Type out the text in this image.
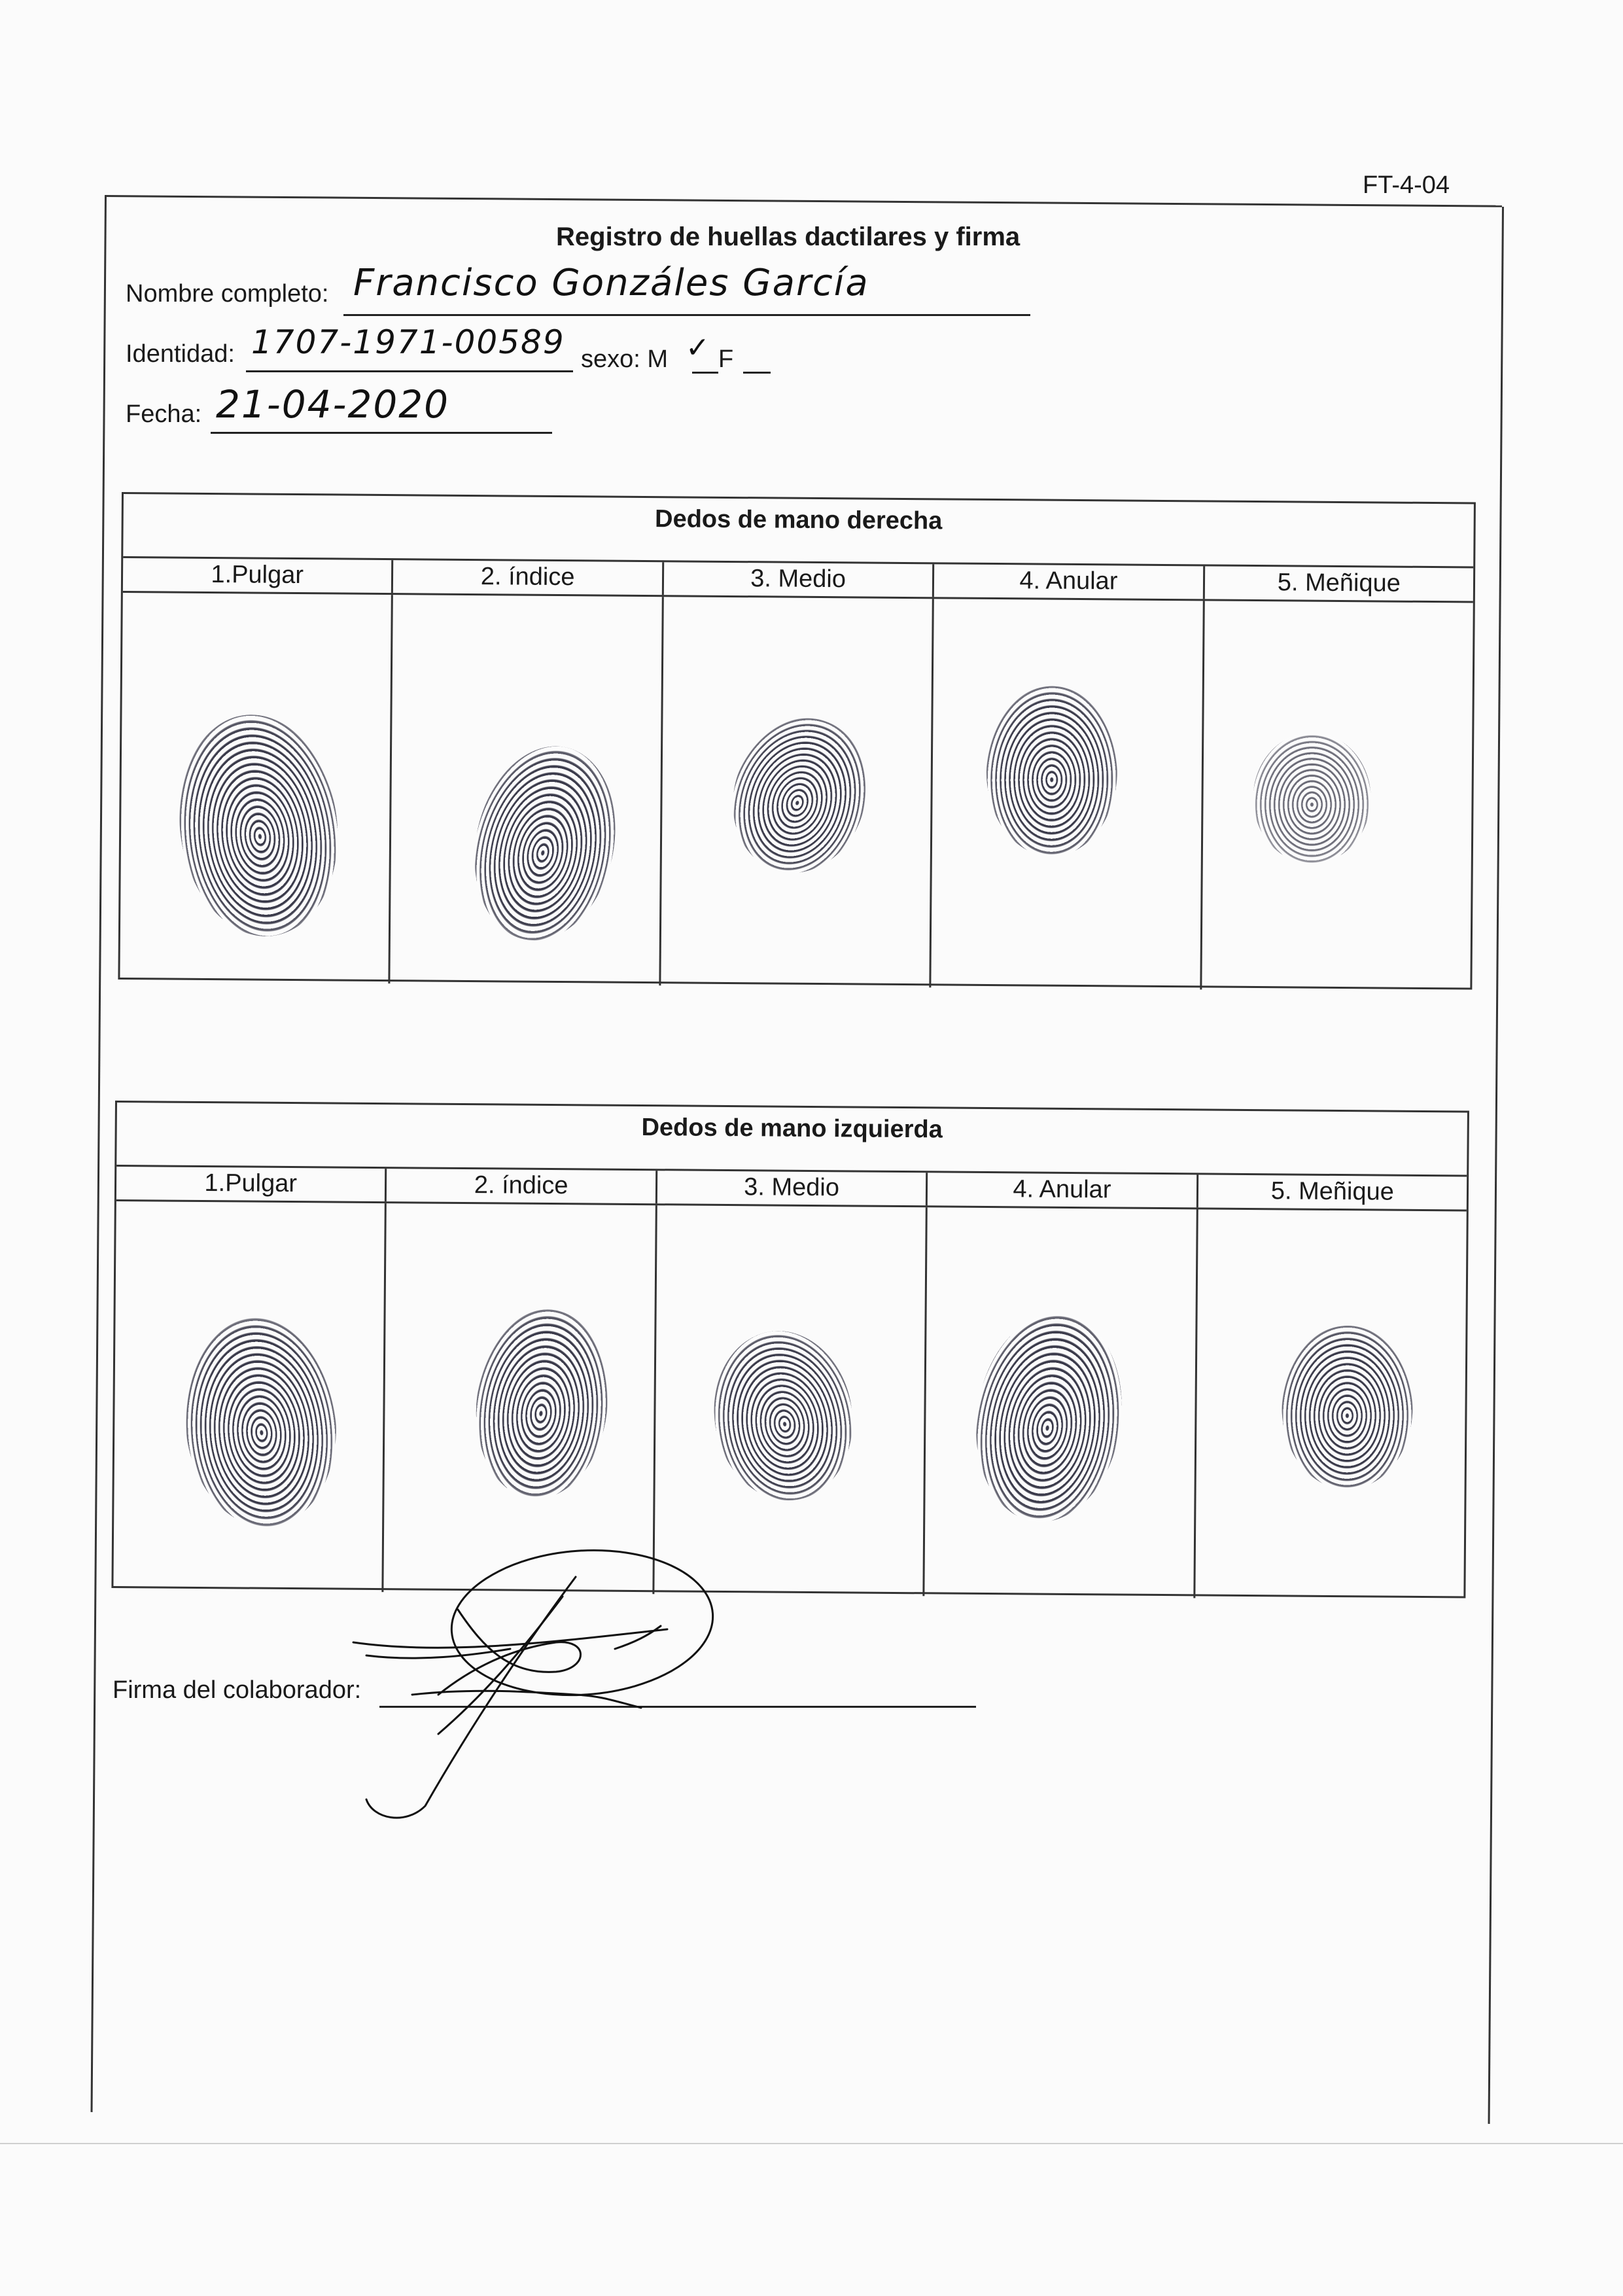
FT-4-04
Registro de huellas dactilares y firma
Nombre completo: Francisco Gonzáles García
Identidad: 1707-1971-00589 sexo: M ✓ F
Fecha: 21-04-2020
Dedos de mano derecha
1.Pulgar	2. índice	3. Medio	4. Anular	5. Meñique
Dedos de mano izquierda
1.Pulgar	2. índice	3. Medio	4. Anular	5. Meñique
Firma del colaborador:
